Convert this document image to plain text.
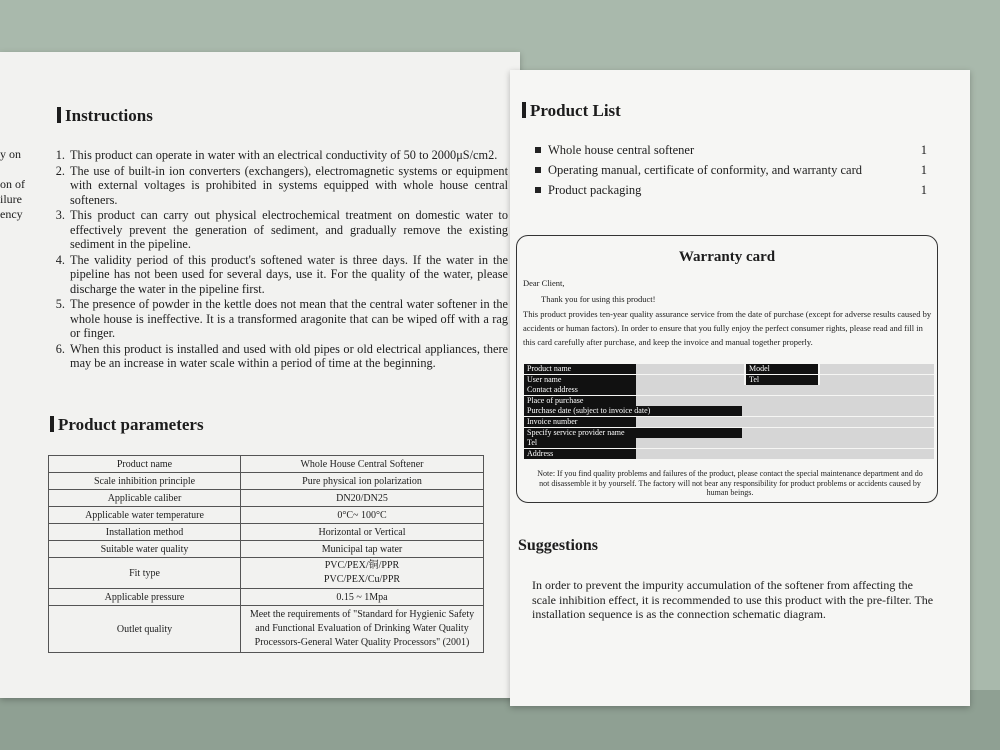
y on
on of
ilure
ency
Instructions
1. This product can operate in water with an electrical conductivity of 50 to 2000μS/cm2.
2. The use of built-in ion converters (exchangers), electromagnetic systems or equipment with external voltages is prohibited in systems equipped with whole house central softeners.
3. This product can carry out physical electrochemical treatment on domestic water to effectively prevent the generation of sediment, and gradually remove the existing sediment in the pipeline.
4. The validity period of this product's softened water is three days. If the water in the pipeline has not been used for several days, use it. For the quality of the water, please discharge the water in the pipeline first.
5. The presence of powder in the kettle does not mean that the central water softener in the whole house is ineffective. It is a transformed aragonite that can be wiped off with a rag or finger.
6. When this product is installed and used with old pipes or old electrical appliances, there may be an increase in water scale within a period of time at the beginning.
Product parameters
Product name	Whole House Central Softener
Scale inhibition principle	Pure physical ion polarization
Applicable caliber	DN20/DN25
Applicable water temperature	0°C~ 100°C
Installation method	Horizontal or Vertical
Suitable water quality	Municipal tap water
Fit type	PVC/PEX/铜/PPR
PVC/PEX/Cu/PPR
Applicable pressure	0.15 ~ 1Mpa
Outlet quality	Meet the requirements of "Standard for Hygienic Safety and Functional Evaluation of Drinking Water Quality Processors-General Water Quality Processors" (2001)
Product List
Whole house central softener	1
Operating manual, certificate of conformity, and warranty card	1
Product packaging	1
Warranty card
Dear Client,
Thank you for using this product!
This product provides ten-year quality assurance service from the date of purchase (except for adverse results caused by accidents or human factors). In order to ensure that you fully enjoy the perfect consumer rights, please read and fill in this card carefully after purchase, and keep the invoice and manual together properly.
Product name	Model
User name	Tel
Contact address
Place of purchase
Purchase date (subject to invoice date)
Invoice number
Specify service provider name
Tel
Address
Note: If you find quality problems and failures of the product, please contact the special maintenance department and do not disassemble it by yourself. The factory will not bear any responsibility for product problems or accidents caused by human beings.
Suggestions
In order to prevent the impurity accumulation of the softener from affecting the scale inhibition effect, it is recommended to use this product with the pre-filter. The installation sequence is as the connection schematic diagram.
